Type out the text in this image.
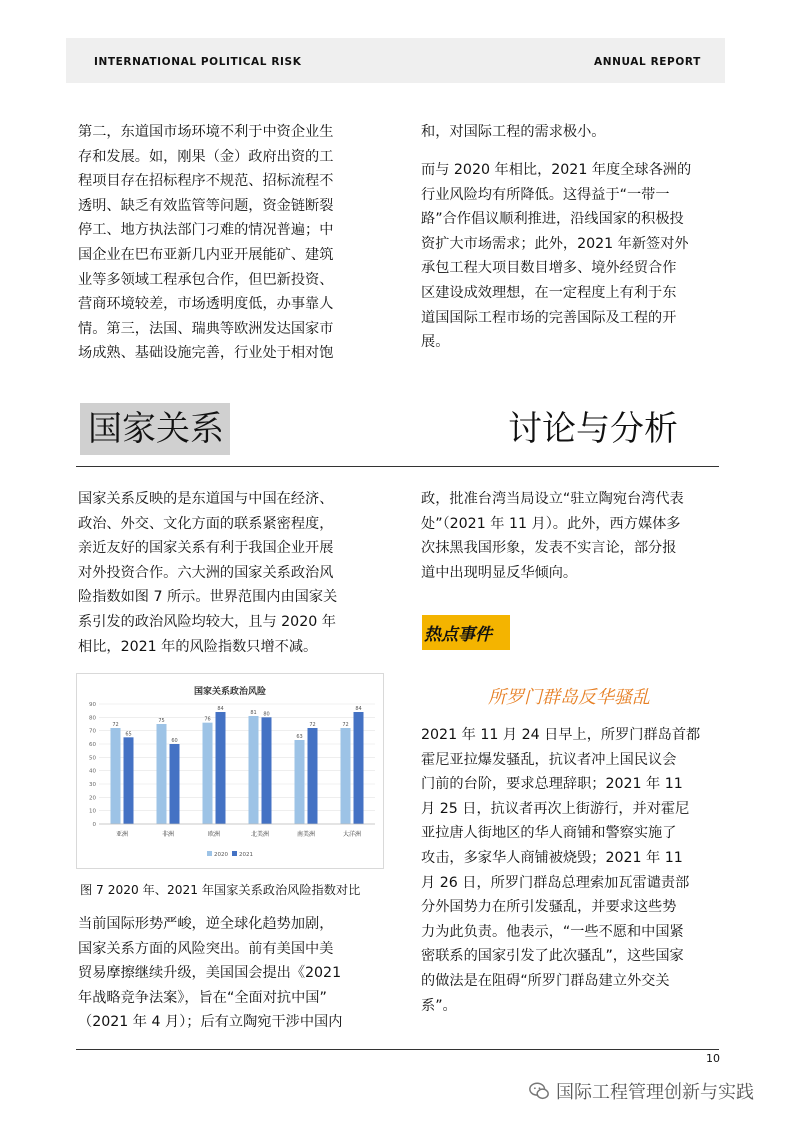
INTERNATIONAL POLITICAL RISK	ANNUAL REPORT
第二，东道国市场环境不利于中资企业生
存和发展。如，刚果（金）政府出资的工
程项目存在招标程序不规范、招标流程不
透明、缺乏有效监管等问题，资金链断裂
停工、地方执法部门刁难的情况普遍；中
国企业在巴布亚新几内亚开展能矿、建筑
业等多领域工程承包合作，但巴新投资、
营商环境较差，市场透明度低，办事靠人
情。第三，法国、瑞典等欧洲发达国家市
场成熟、基础设施完善，行业处于相对饱
和，对国际工程的需求极小。
而与 2020 年相比，2021 年度全球各洲的
行业风险均有所降低。这得益于“一带一
路”合作倡议顺利推进，沿线国家的积极投
资扩大市场需求；此外，2021 年新签对外
承包工程大项目数目增多、境外经贸合作
区建设成效理想，在一定程度上有利于东
道国国际工程市场的完善国际及工程的开
展。
国家关系	讨论与分析
国家关系反映的是东道国与中国在经济、
政治、外交、文化方面的联系紧密程度，
亲近友好的国家关系有利于我国企业开展
对外投资合作。六大洲的国家关系政治风
险指数如图 7 所示。世界范围内由国家关
系引发的政治风险均较大，且与 2020 年
相比，2021 年的风险指数只增不减。
政，批准台湾当局设立“驻立陶宛台湾代表
处”（2021 年 11 月）。此外，西方媒体多
次抹黑我国形象，发表不实言论，部分报
道中出现明显反华倾向。
热点事件
所罗门群岛反华骚乱
2021 年 11 月 24 日早上，所罗门群岛首都
霍尼亚拉爆发骚乱，抗议者冲上国民议会
门前的台阶，要求总理辞职；2021 年 11
月 25 日，抗议者再次上街游行，并对霍尼
亚拉唐人街地区的华人商铺和警察实施了
攻击，多家华人商铺被烧毁；2021 年 11
月 26 日，所罗门群岛总理索加瓦雷谴责部
分外国势力在所引发骚乱，并要求这些势
力为此负责。他表示，“一些不愿和中国紧
密联系的国家引发了此次骚乱”，这些国家
的做法是在阻碍“所罗门群岛建立外交关
系”。
国家关系政治风险
0
10
20
30
40
50
60
70
80
90
72
65
亚洲
75
60
非洲
76
84
欧洲
81 80
北美洲
63
72
南美洲
72
84
大洋洲
2020 2021
图 7 2020 年、2021 年国家关系政治风险指数对比
当前国际形势严峻，逆全球化趋势加剧，
国家关系方面的风险突出。前有美国中美
贸易摩擦继续升级，美国国会提出《2021
年战略竞争法案》，旨在“全面对抗中国”
（2021 年 4 月）；后有立陶宛干涉中国内
10
国际工程管理创新与实践
